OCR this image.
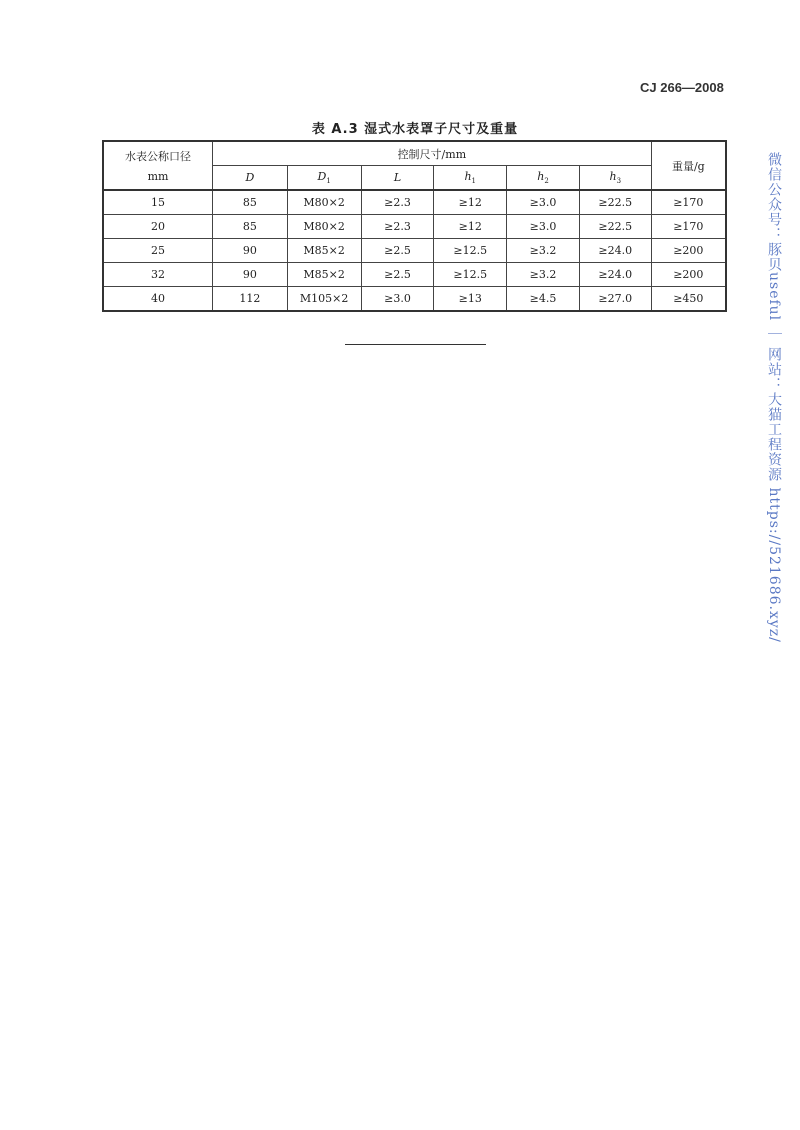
CJ 266—2008
表 A.3 湿式水表罩子尺寸及重量
水表公称口径
mm	控制尺寸/mm						重量/g
	D	$D_1$	L	$h_1$	$h_2$	$h_3$
15	85	M80×2	≥2.3	≥12	≥3.0	≥22.5	≥170
20	85	M80×2	≥2.3	≥12	≥3.0	≥22.5	≥170
25	90	M85×2	≥2.5	≥12.5	≥3.2	≥24.0	≥200
32	90	M85×2	≥2.5	≥12.5	≥3.2	≥24.0	≥200
40	112	M105×2	≥3.0	≥13	≥4.5	≥27.0	≥450	微信公众号：豚贝useful ｜ 网站：大猫工程资源 https://521686.xyz/
